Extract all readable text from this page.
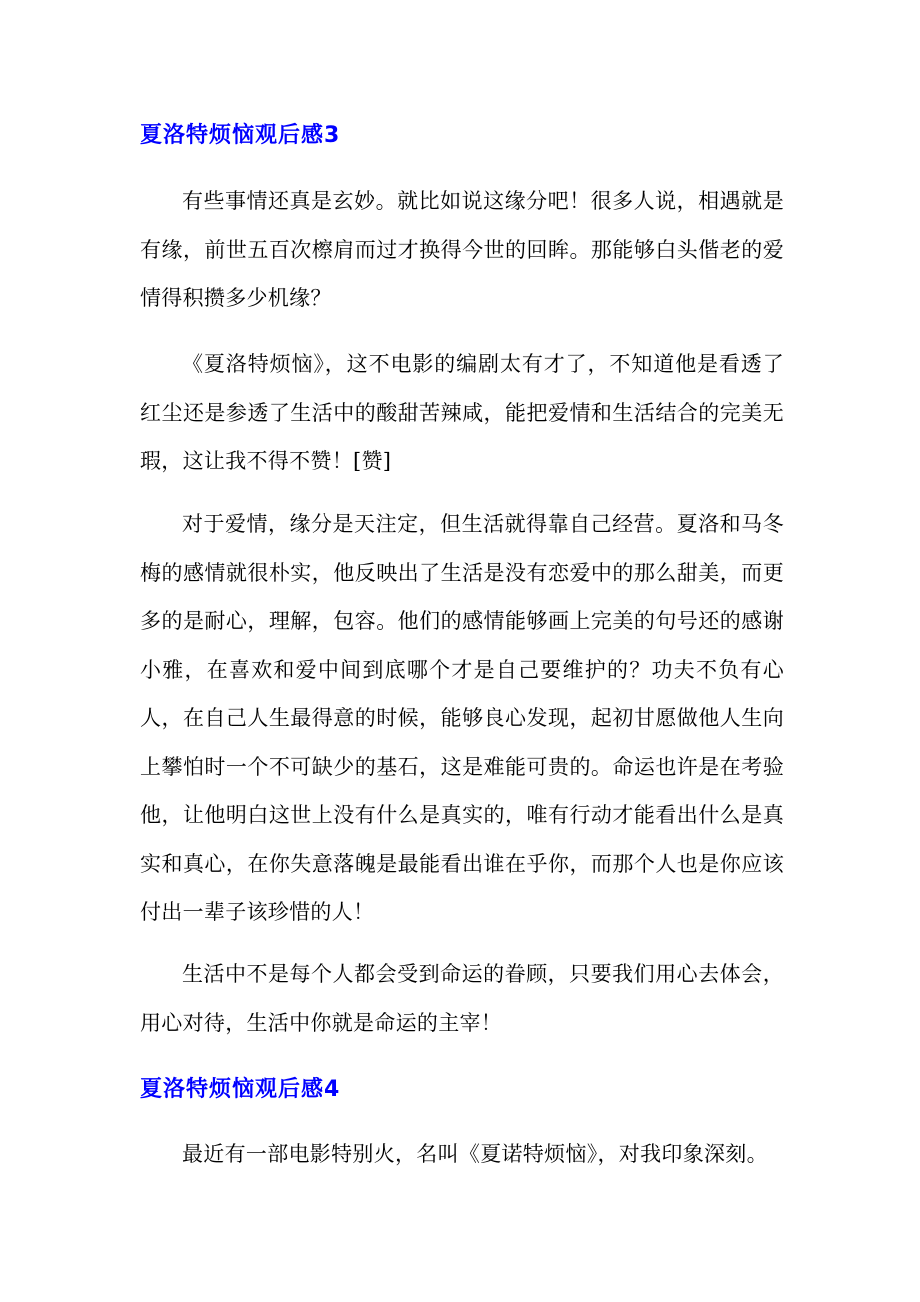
夏洛特烦恼观后感3

有些事情还真是玄妙。就比如说这缘分吧！很多人说，相遇就是有缘，前世五百次檫肩而过才换得今世的回眸。那能够白头偕老的爱情得积攒多少机缘？

《夏洛特烦恼》，这不电影的编剧太有才了，不知道他是看透了红尘还是参透了生活中的酸甜苦辣咸，能把爱情和生活结合的完美无瑕，这让我不得不赞！[赞]

对于爱情，缘分是天注定，但生活就得靠自己经营。夏洛和马冬梅的感情就很朴实，他反映出了生活是没有恋爱中的那么甜美，而更多的是耐心，理解，包容。他们的感情能够画上完美的句号还的感谢小雅，在喜欢和爱中间到底哪个才是自己要维护的？功夫不负有心人，在自己人生最得意的时候，能够良心发现，起初甘愿做他人生向上攀怕时一个不可缺少的基石，这是难能可贵的。命运也许是在考验他，让他明白这世上没有什么是真实的，唯有行动才能看出什么是真实和真心，在你失意落魄是最能看出谁在乎你，而那个人也是你应该付出一辈子该珍惜的人！

生活中不是每个人都会受到命运的眷顾，只要我们用心去体会，用心对待，生活中你就是命运的主宰！

夏洛特烦恼观后感4

最近有一部电影特别火，名叫《夏诺特烦恼》，对我印象深刻。
